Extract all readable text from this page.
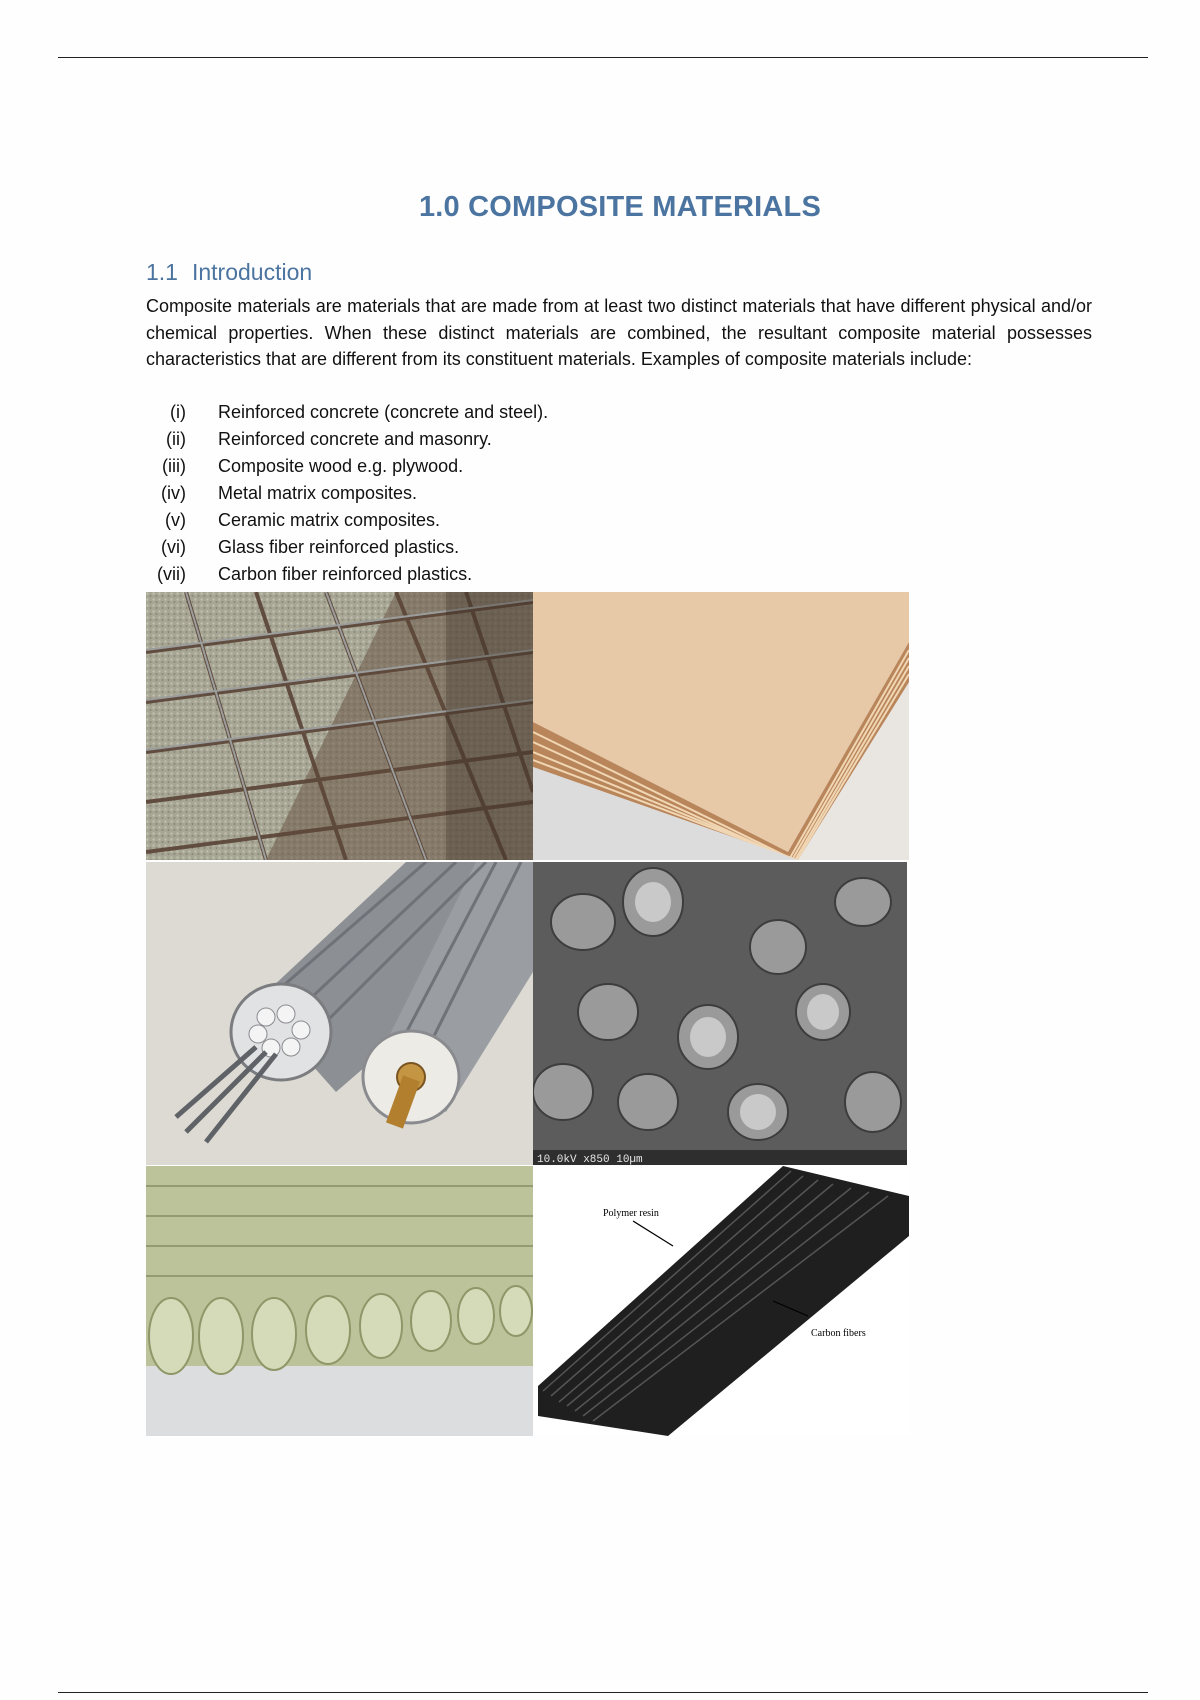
1.0 COMPOSITE MATERIALS
1.1 Introduction

Composite materials are materials that are made from at least two distinct materials that have different physical and/or chemical properties. When these distinct materials are combined, the resultant composite material possesses characteristics that are different from its constituent materials. Examples of composite materials include:

(i)	Reinforced concrete (concrete and steel).
(ii)	Reinforced concrete and masonry.
(iii)	Composite wood e.g. plywood.
(iv)	Metal matrix composites.
(v)	Ceramic matrix composites.
(vi)	Glass fiber reinforced plastics.
(vii)	Carbon fiber reinforced plastics.
10.0kV x850 10µm
Polymer resin
Carbon fibers
